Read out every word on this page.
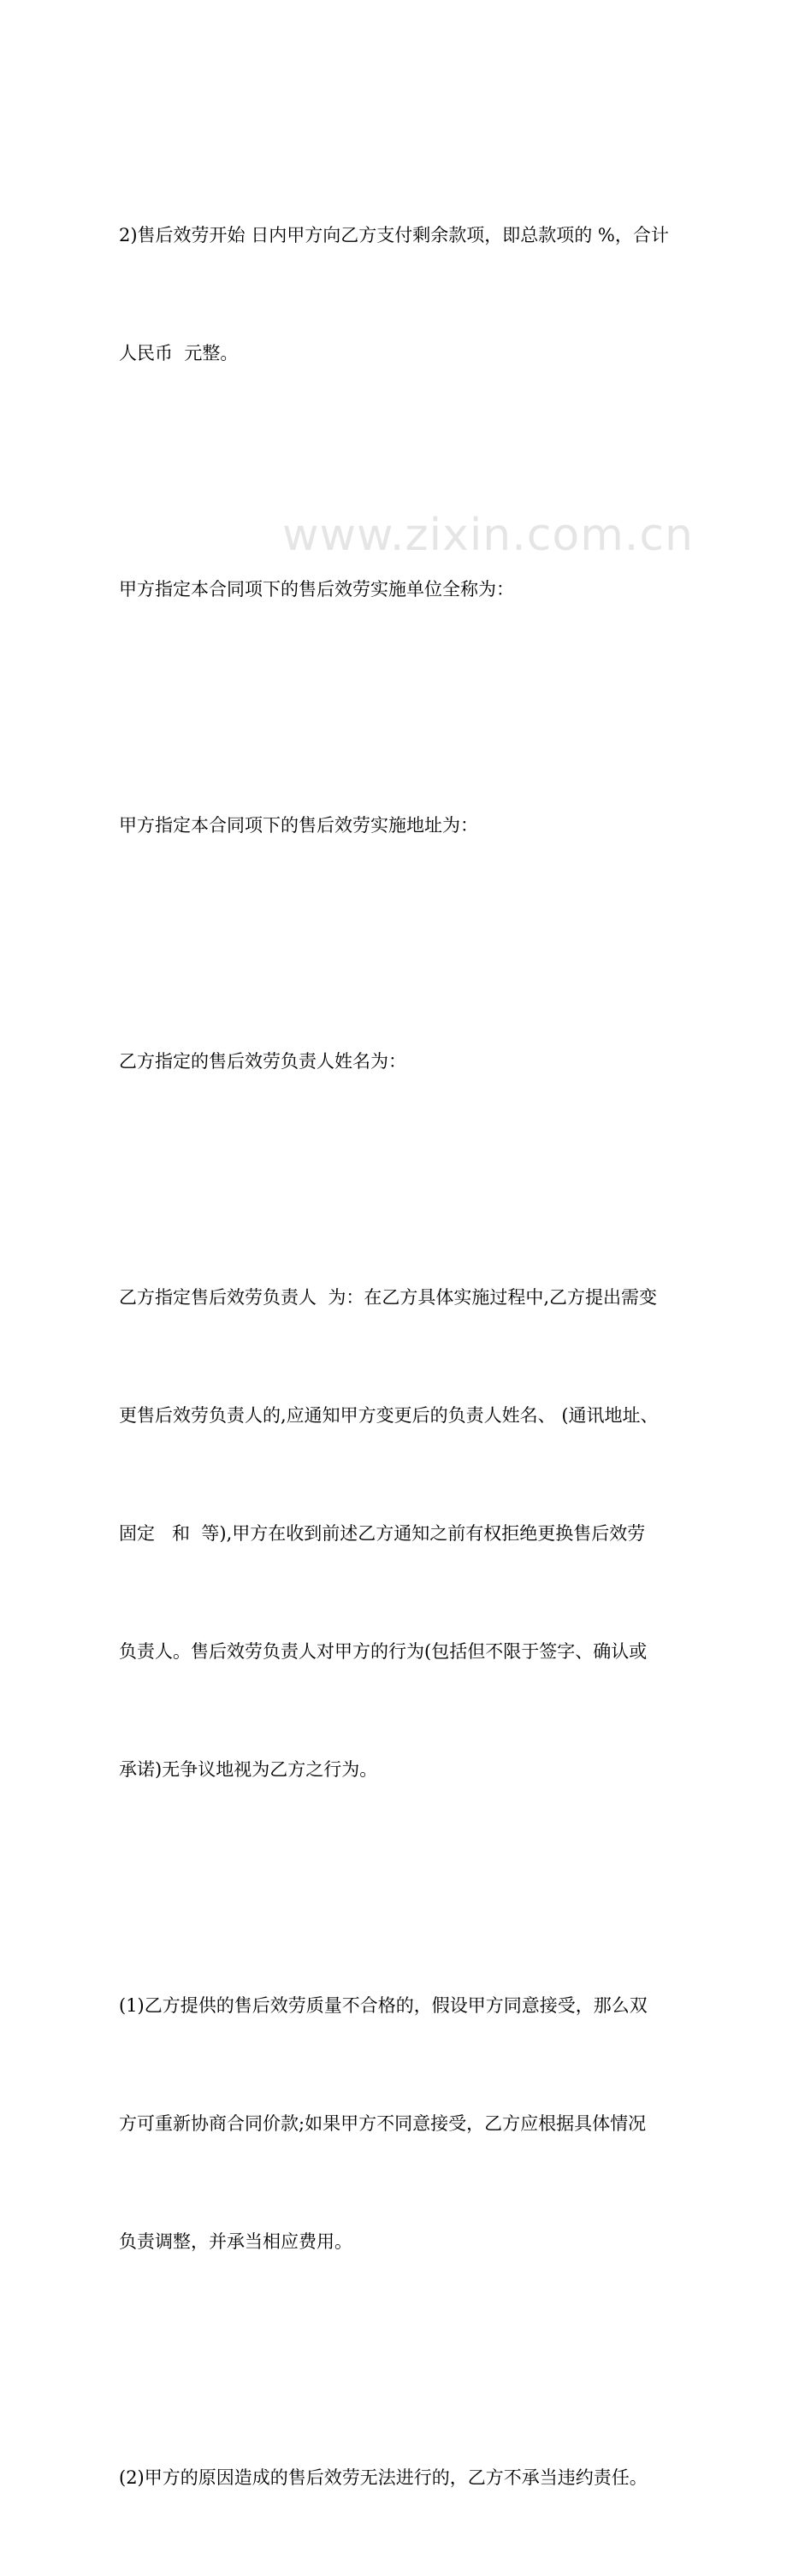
2)售后效劳开始 日内甲方向乙方支付剩余款项，即总款项的 %，合计

人民币  元整。

甲方指定本合同项下的售后效劳实施单位全称为：

甲方指定本合同项下的售后效劳实施地址为：

乙方指定的售后效劳负责人姓名为：

乙方指定售后效劳负责人  为：在乙方具体实施过程中,乙方提出需变

更售后效劳负责人的,应通知甲方变更后的负责人姓名、 (通讯地址、

固定   和  等),甲方在收到前述乙方通知之前有权拒绝更换售后效劳

负责人。售后效劳负责人对甲方的行为(包括但不限于签字、确认或

承诺)无争议地视为乙方之行为。

(1)乙方提供的售后效劳质量不合格的，假设甲方同意接受，那么双

方可重新协商合同价款;如果甲方不同意接受，乙方应根据具体情况

负责调整，并承当相应费用。

(2)甲方的原因造成的售后效劳无法进行的，乙方不承当违约责任。

www.zixin.com.cn
